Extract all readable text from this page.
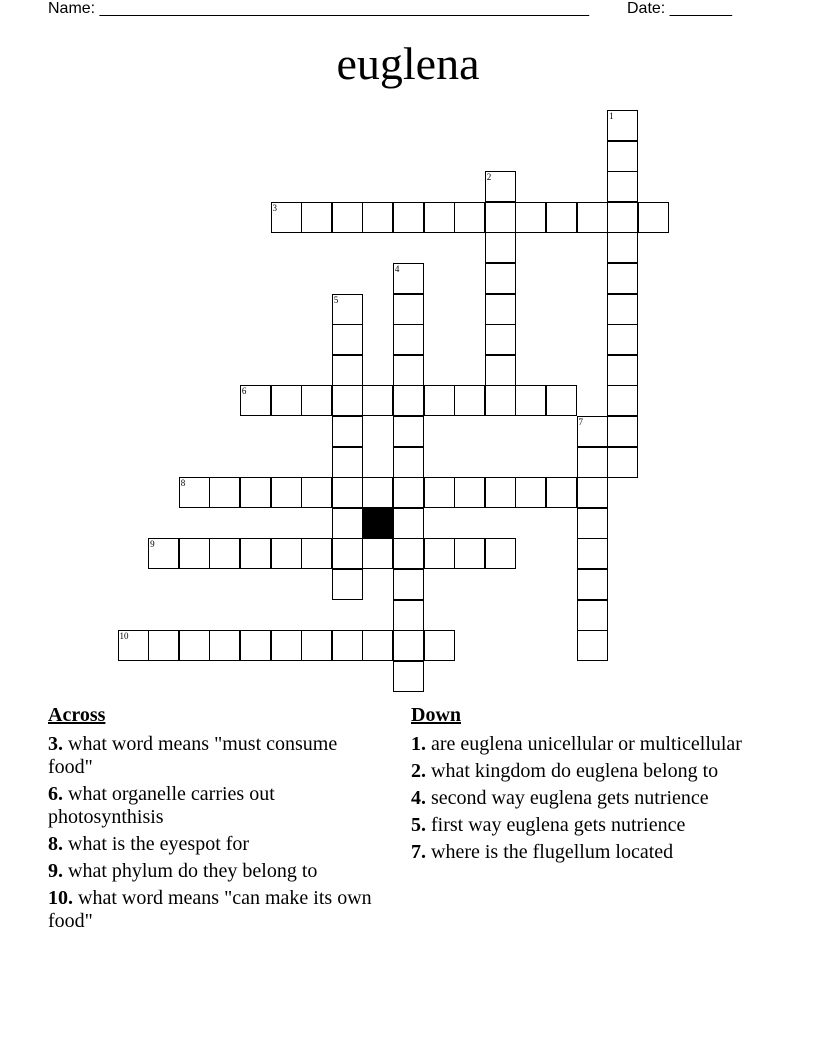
Name: _______________________________________________________ Date: _______
euglena
1
2
3
4
5
6
7
8
9
10
Across
3. what word means "must consume food"
6. what organelle carries out photosynthisis
8. what is the eyespot for
9. what phylum do they belong to
10. what word means "can make its own food"
Down
1. are euglena unicellular or multicellular
2. what kingdom do euglena belong to
4. second way euglena gets nutrience
5. first way euglena gets nutrience
7. where is the flugellum located
